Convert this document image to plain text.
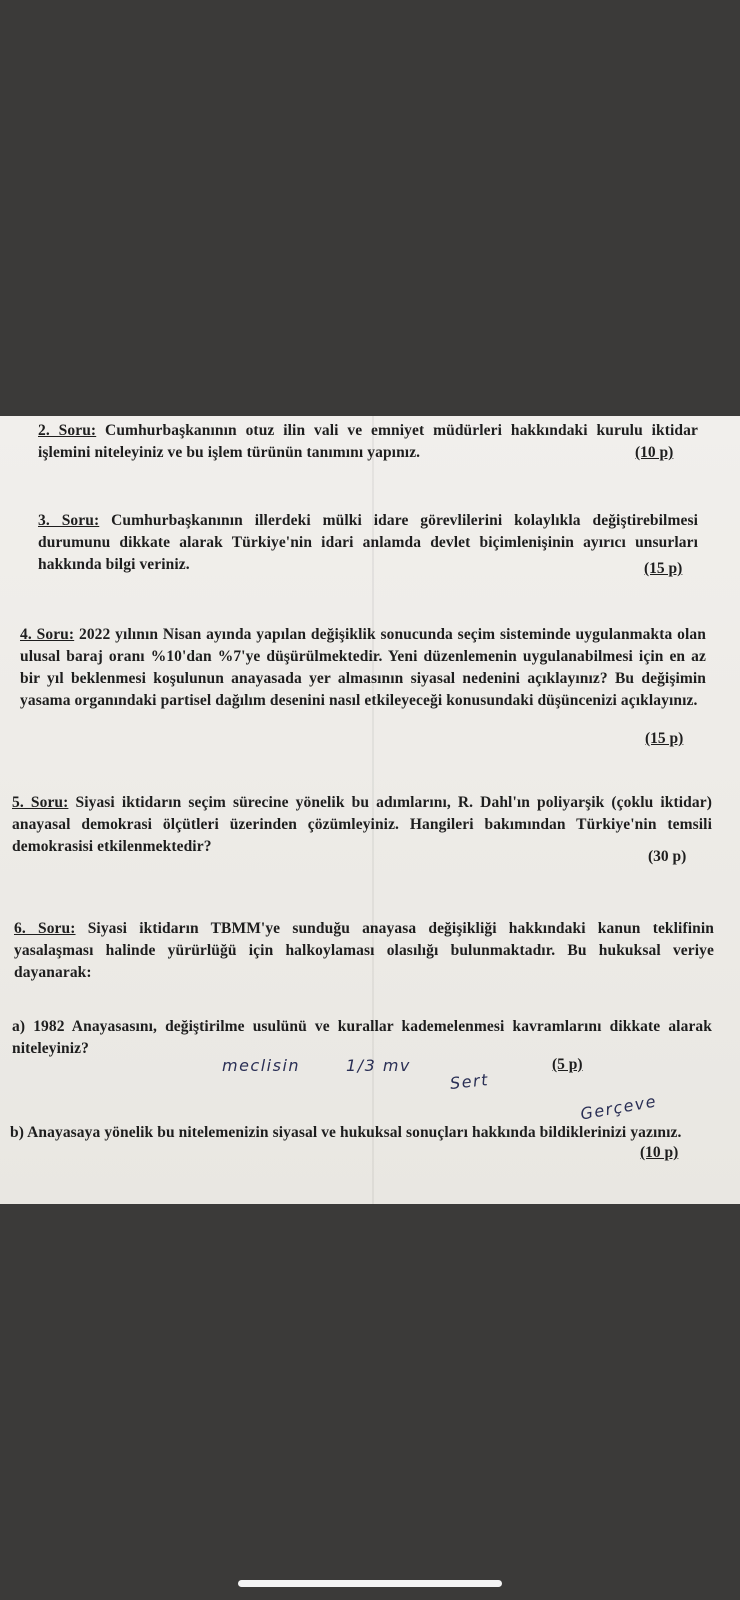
2. Soru: Cumhurbaşkanının otuz ilin vali ve emniyet müdürleri hakkındaki kurulu iktidar işlemini niteleyiniz ve bu işlem türünün tanımını yapınız.	(10 p)

3. Soru: Cumhurbaşkanının illerdeki mülki idare görevlilerini kolaylıkla değiştirebilmesi durumunu dikkate alarak Türkiye'nin idari anlamda devlet biçimlenişinin ayırıcı unsurları hakkında bilgi veriniz.	(15 p)

4. Soru: 2022 yılının Nisan ayında yapılan değişiklik sonucunda seçim sisteminde uygulanmakta olan ulusal baraj oranı %10'dan %7'ye düşürülmektedir. Yeni düzenlemenin uygulanabilmesi için en az bir yıl beklenmesi koşulunun anayasada yer almasının siyasal nedenini açıklayınız? Bu değişimin yasama organındaki partisel dağılım desenini nasıl etkileyeceği konusundaki düşüncenizi açıklayınız.

(15 p)

5. Soru: Siyasi iktidarın seçim sürecine yönelik bu adımlarını, R. Dahl'ın poliyarşik (çoklu iktidar) anayasal demokrasi ölçütleri üzerinden çözümleyiniz. Hangileri bakımından Türkiye'nin temsili demokrasisi etkilenmektedir?

(30 p)

6. Soru: Siyasi iktidarın TBMM'ye sunduğu anayasa değişikliği hakkındaki kanun teklifinin yasalaşması halinde yürürlüğü için halkoylaması olasılığı bulunmaktadır. Bu hukuksal veriye dayanarak:

a) 1982 Anayasasını, değiştirilme usulünü ve kurallar kademelenmesi kavramlarını dikkate alarak niteleyiniz?

(5 p)

b) Anayasaya yönelik bu nitelemenizin siyasal ve hukuksal sonuçları hakkında bildiklerinizi yazınız.

(10 p)
meclisin	1/3 mv
Sert
Gerçeve
